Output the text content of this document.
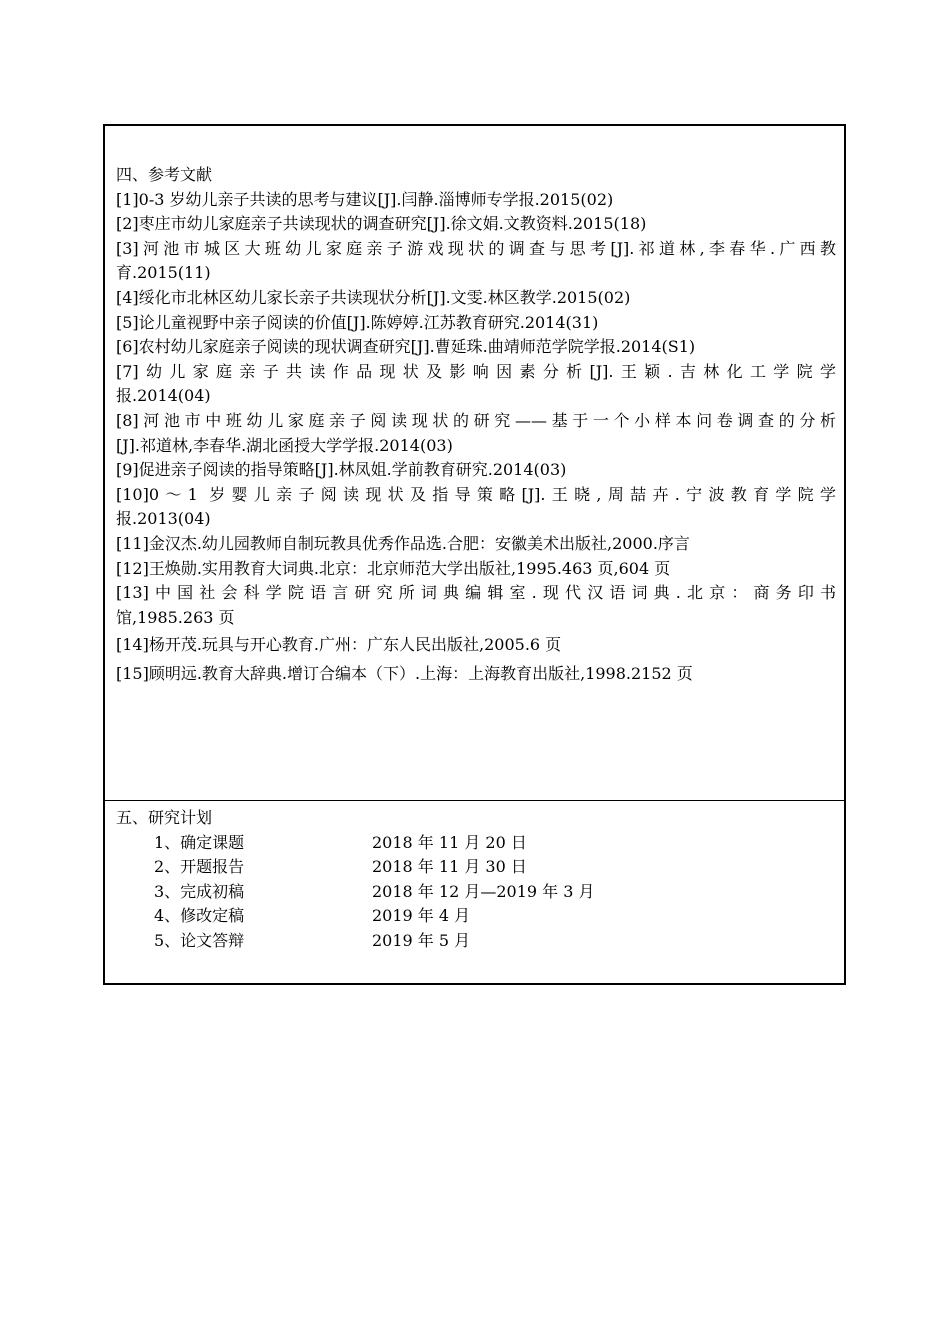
四、参考文献
[1]0-3 岁幼儿亲子共读的思考与建议[J].闫静.淄博师专学报.2015(02)
[2]枣庄市幼儿家庭亲子共读现状的调查研究[J].徐文娟.文教资料.2015(18)
[3]河池市城区大班幼儿家庭亲子游戏现状的调查与思考[J].祁道林,李春华.广西教
育.2015(11)
[4]绥化市北林区幼儿家长亲子共读现状分析[J].文雯.林区教学.2015(02)
[5]论儿童视野中亲子阅读的价值[J].陈婷婷.江苏教育研究.2014(31)
[6]农村幼儿家庭亲子阅读的现状调查研究[J].曹延珠.曲靖师范学院学报.2014(S1)
[7]幼儿家庭亲子共读作品现状及影响因素分析[J].王颖.吉林化工学院学
报.2014(04)
[8]河池市中班幼儿家庭亲子阅读现状的研究——基于一个小样本问卷调查的分析
[J].祁道林,李春华.湖北函授大学学报.2014(03)
[9]促进亲子阅读的指导策略[J].林凤姐.学前教育研究.2014(03)
[10]0～1 岁婴儿亲子阅读现状及指导策略[J].王晓,周喆卉.宁波教育学院学
报.2013(04)
[11]金汉杰.幼儿园教师自制玩教具优秀作品选.合肥：安徽美术出版社,2000.序言
[12]王焕勋.实用教育大词典.北京：北京师范大学出版社,1995.463 页,604 页
[13]中国社会科学院语言研究所词典编辑室.现代汉语词典.北京：商务印书
馆,1985.263 页
[14]杨开茂.玩具与开心教育.广州：广东人民出版社,2005.6 页
[15]顾明远.教育大辞典.增订合编本（下）.上海：上海教育出版社,1998.2152 页
五、研究计划
1、确定课题	2018 年 11 月 20 日
2、开题报告	2018 年 11 月 30 日
3、完成初稿	2018 年 12 月—2019 年 3 月
4、修改定稿	2019 年 4 月
5、论文答辩	2019 年 5 月
